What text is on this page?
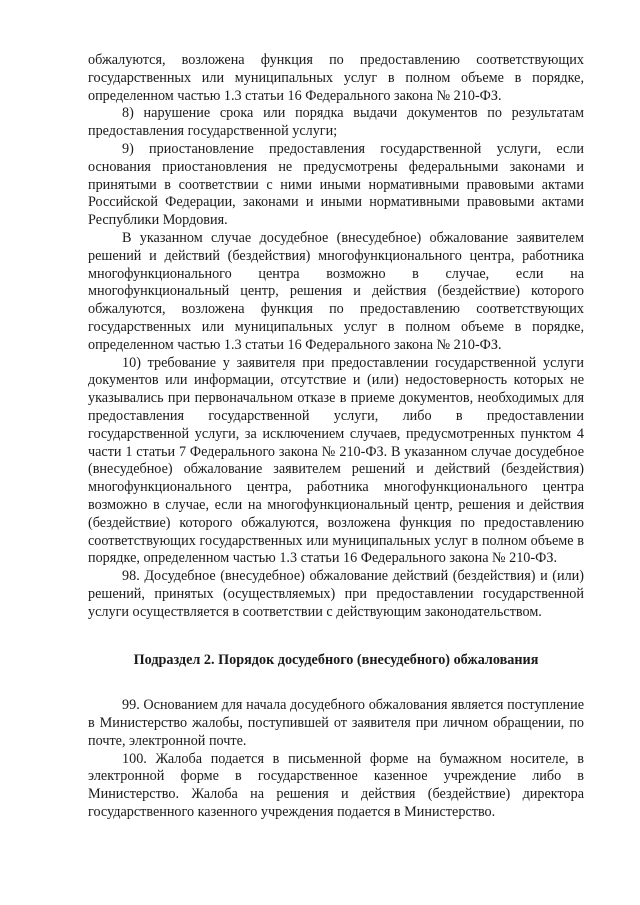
обжалуются, возложена функция по предоставлению соответствующих государственных или муниципальных услуг в полном объеме в порядке, определенном частью 1.3 статьи 16 Федерального закона № 210-ФЗ.

8) нарушение срока или порядка выдачи документов по результатам предоставления государственной услуги;

9) приостановление предоставления государственной услуги, если основания приостановления не предусмотрены федеральными законами и принятыми в соответствии с ними иными нормативными правовыми актами Российской Федерации, законами и иными нормативными правовыми актами Республики Мордовия.

В указанном случае досудебное (внесудебное) обжалование заявителем решений и действий (бездействия) многофункционального центра, работника многофункционального центра возможно в случае, если на многофункциональный центр, решения и действия (бездействие) которого обжалуются, возложена функция по предоставлению соответствующих государственных или муниципальных услуг в полном объеме в порядке, определенном частью 1.3 статьи 16 Федерального закона № 210-ФЗ.

10) требование у заявителя при предоставлении государственной услуги документов или информации, отсутствие и (или) недостоверность которых не указывались при первоначальном отказе в приеме документов, необходимых для предоставления государственной услуги, либо в предоставлении государственной услуги, за исключением случаев, предусмотренных пунктом 4 части 1 статьи 7 Федерального закона № 210-ФЗ. В указанном случае досудебное (внесудебное) обжалование заявителем решений и действий (бездействия) многофункционального центра, работника многофункционального центра возможно в случае, если на многофункциональный центр, решения и действия (бездействие) которого обжалуются, возложена функция по предоставлению соответствующих государственных или муниципальных услуг в полном объеме в порядке, определенном частью 1.3 статьи 16 Федерального закона № 210-ФЗ.

98. Досудебное (внесудебное) обжалование действий (бездействия) и (или) решений, принятых (осуществляемых) при предоставлении государственной услуги осуществляется в соответствии с действующим законодательством.

Подраздел 2. Порядок досудебного (внесудебного) обжалования

99. Основанием для начала досудебного обжалования является поступление в Министерство жалобы, поступившей от заявителя при личном обращении, по почте, электронной почте.

100. Жалоба подается в письменной форме на бумажном носителе, в электронной форме в государственное казенное учреждение либо в Министерство. Жалоба на решения и действия (бездействие) директора государственного казенного учреждения подается в Министерство.
